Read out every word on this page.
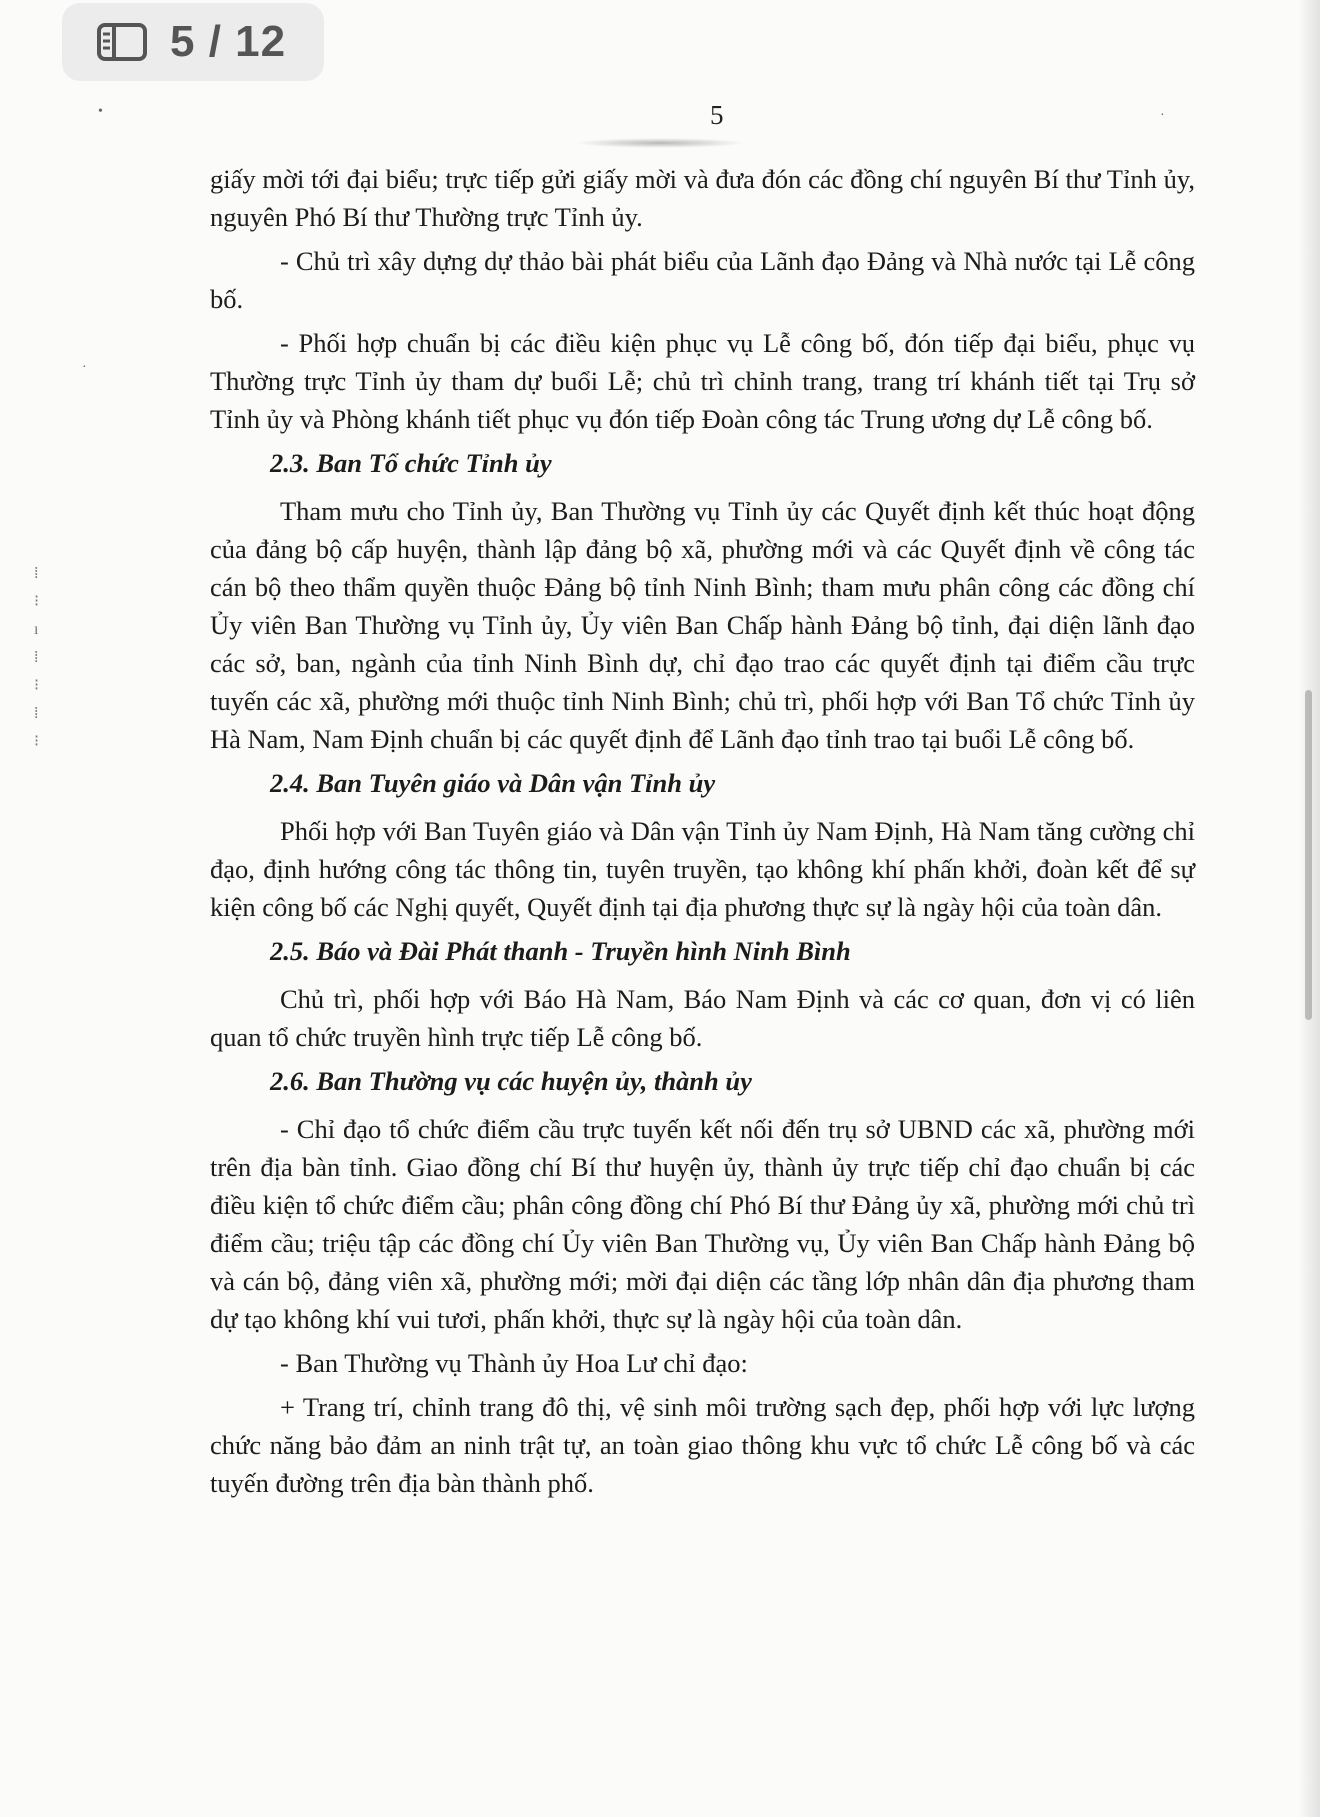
5 / 12
5
•
·
·
⁞
⁝
ı
⁞
⁝
⁞
⁝

giấy mời tới đại biểu; trực tiếp gửi giấy mời và đưa đón các đồng chí nguyên Bí thư Tỉnh ủy, nguyên Phó Bí thư Thường trực Tỉnh ủy.

- Chủ trì xây dựng dự thảo bài phát biểu của Lãnh đạo Đảng và Nhà nước tại Lễ công bố.

- Phối hợp chuẩn bị các điều kiện phục vụ Lễ công bố, đón tiếp đại biểu, phục vụ Thường trực Tỉnh ủy tham dự buổi Lễ; chủ trì chỉnh trang, trang trí khánh tiết tại Trụ sở Tỉnh ủy và Phòng khánh tiết phục vụ đón tiếp Đoàn công tác Trung ương dự Lễ công bố.

2.3. Ban Tổ chức Tỉnh ủy

Tham mưu cho Tỉnh ủy, Ban Thường vụ Tỉnh ủy các Quyết định kết thúc hoạt động của đảng bộ cấp huyện, thành lập đảng bộ xã, phường mới và các Quyết định về công tác cán bộ theo thẩm quyền thuộc Đảng bộ tỉnh Ninh Bình; tham mưu phân công các đồng chí Ủy viên Ban Thường vụ Tỉnh ủy, Ủy viên Ban Chấp hành Đảng bộ tỉnh, đại diện lãnh đạo các sở, ban, ngành của tỉnh Ninh Bình dự, chỉ đạo trao các quyết định tại điểm cầu trực tuyến các xã, phường mới thuộc tỉnh Ninh Bình; chủ trì, phối hợp với Ban Tổ chức Tỉnh ủy Hà Nam, Nam Định chuẩn bị các quyết định để Lãnh đạo tỉnh trao tại buổi Lễ công bố.

2.4. Ban Tuyên giáo và Dân vận Tỉnh ủy

Phối hợp với Ban Tuyên giáo và Dân vận Tỉnh ủy Nam Định, Hà Nam tăng cường chỉ đạo, định hướng công tác thông tin, tuyên truyền, tạo không khí phấn khởi, đoàn kết để sự kiện công bố các Nghị quyết, Quyết định tại địa phương thực sự là ngày hội của toàn dân.

2.5. Báo và Đài Phát thanh - Truyền hình Ninh Bình

Chủ trì, phối hợp với Báo Hà Nam, Báo Nam Định và các cơ quan, đơn vị có liên quan tổ chức truyền hình trực tiếp Lễ công bố.

2.6. Ban Thường vụ các huyện ủy, thành ủy

- Chỉ đạo tổ chức điểm cầu trực tuyến kết nối đến trụ sở UBND các xã, phường mới trên địa bàn tỉnh. Giao đồng chí Bí thư huyện ủy, thành ủy trực tiếp chỉ đạo chuẩn bị các điều kiện tổ chức điểm cầu; phân công đồng chí Phó Bí thư Đảng ủy xã, phường mới chủ trì điểm cầu; triệu tập các đồng chí Ủy viên Ban Thường vụ, Ủy viên Ban Chấp hành Đảng bộ và cán bộ, đảng viên xã, phường mới; mời đại diện các tầng lớp nhân dân địa phương tham dự tạo không khí vui tươi, phấn khởi, thực sự là ngày hội của toàn dân.

- Ban Thường vụ Thành ủy Hoa Lư chỉ đạo:

+ Trang trí, chỉnh trang đô thị, vệ sinh môi trường sạch đẹp, phối hợp với lực lượng chức năng bảo đảm an ninh trật tự, an toàn giao thông khu vực tổ chức Lễ công bố và các tuyến đường trên địa bàn thành phố.
